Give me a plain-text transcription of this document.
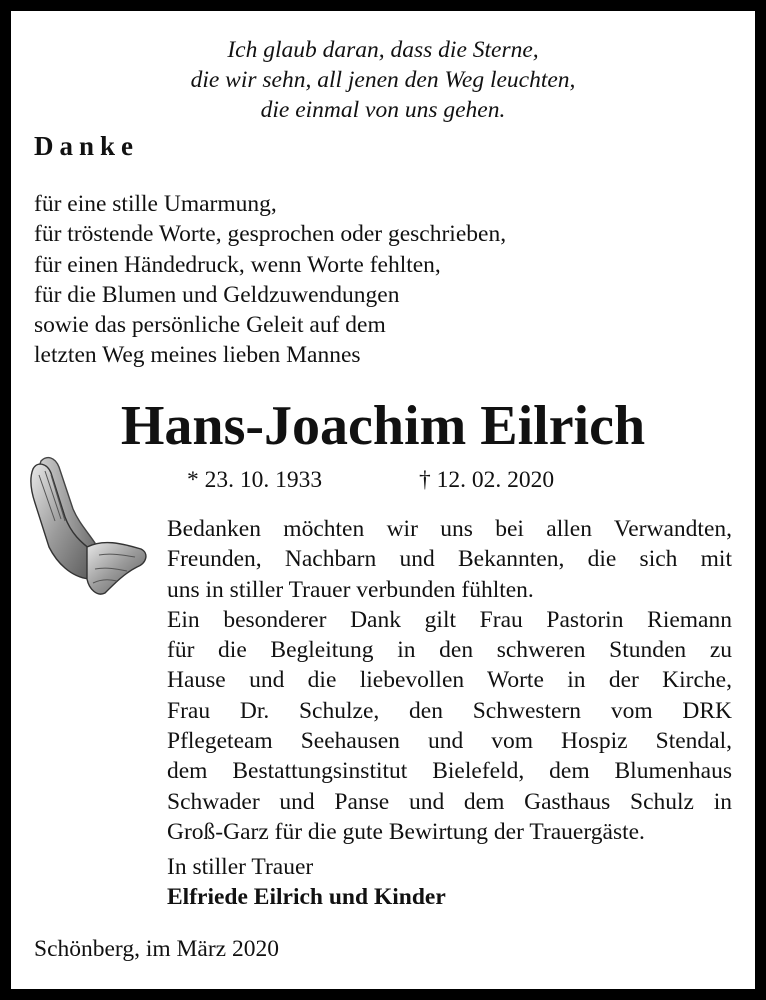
Ich glaub daran, dass die Sterne,
die wir sehn, all jenen den Weg leuchten,
die einmal von uns gehen.
Danke
für eine stille Umarmung,
für tröstende Worte, gesprochen oder geschrieben,
für einen Händedruck, wenn Worte fehlten,
für die Blumen und Geldzuwendungen
sowie das persönliche Geleit auf dem
letzten Weg meines lieben Mannes
Hans-Joachim Eilrich
* 23. 10. 1933	† 12. 02. 2020
Bedanken möchten wir uns bei allen Verwandten,
Freunden, Nachbarn und Bekannten, die sich mit
uns in stiller Trauer verbunden fühlten.
Ein besonderer Dank gilt Frau Pastorin Riemann
für die Begleitung in den schweren Stunden zu
Hause und die liebevollen Worte in der Kirche,
Frau Dr. Schulze, den Schwestern vom DRK
Pflegeteam Seehausen und vom Hospiz Stendal,
dem Bestattungsinstitut Bielefeld, dem Blumenhaus
Schwader und Panse und dem Gasthaus Schulz in
Groß-Garz für die gute Bewirtung der Trauergäste.
In stiller Trauer
Elfriede Eilrich und Kinder
Schönberg, im März 2020
